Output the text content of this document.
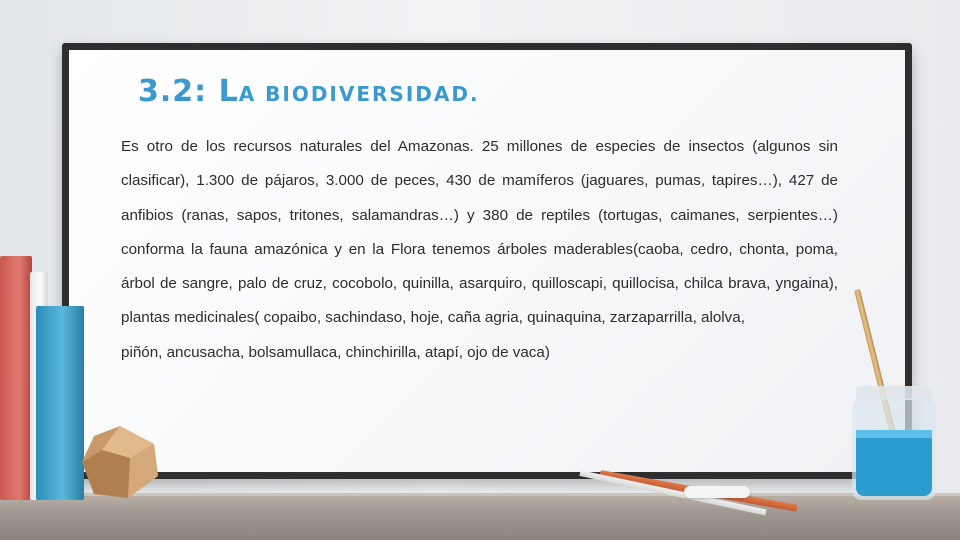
3.2: LA BIODIVERSIDAD.
Es otro de los recursos naturales del Amazonas. 25 millones de especies de insectos (algunos sin clasificar), 1.300 de pájaros, 3.000 de peces, 430 de mamíferos (jaguares, pumas, tapires…), 427 de anfibios (ranas, sapos, tritones, salamandras…) y 380 de reptiles (tortugas, caimanes, serpientes…) conforma la fauna amazónica y en la Flora tenemos árboles maderables(caoba, cedro, chonta, poma, árbol de sangre, palo de cruz, cocobolo, quinilla, asarquiro, quilloscapi, quillocisa, chilca brava, yngaina), plantas medicinales( copaibo, sachindaso, hoje, caña agria, quinaquina, zarzaparrilla, alolva,
piñón, ancusacha, bolsamullaca, chinchirilla, atapí, ojo de vaca)
